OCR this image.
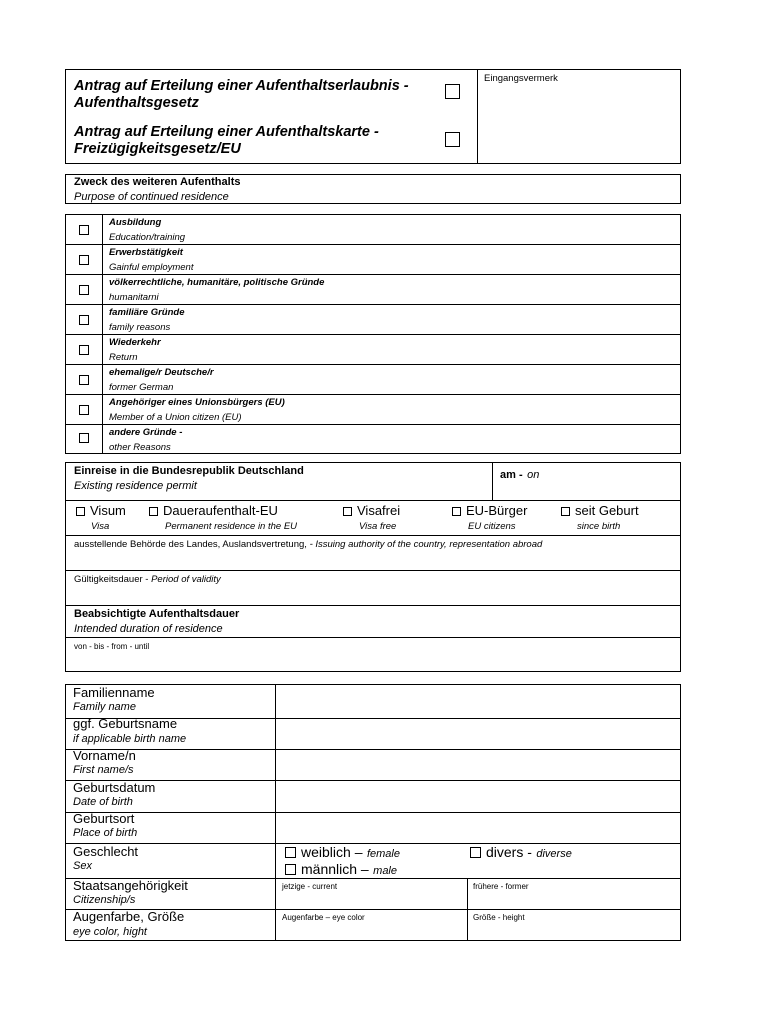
Antrag auf Erteilung einer Aufenthaltserlaubnis - Aufenthaltsgesetz
Antrag auf Erteilung einer Aufenthaltskarte - Freizügigkeitsgesetz/EU
Eingangsvermerk
Zweck des weiteren Aufenthalts
Purpose of continued residence
Ausbildung
Education/training
Erwerbstätigkeit
Gainful employment
völkerrechtliche, humanitäre, politische Gründe
humanitarni
familiäre Gründe
family reasons
Wiederkehr
Return
ehemalige/r Deutsche/r
former German
Angehöriger eines Unionsbürgers (EU)
Member of a Union citizen (EU)
andere Gründe -
other Reasons
Einreise in die Bundesrepublik Deutschland
Existing residence permit
am - on
Visum
Visa
Daueraufenthalt-EU
Permanent residence in the EU
Visafrei
Visa free
EU-Bürger
EU citizens
seit Geburt
since birth
ausstellende Behörde des Landes, Auslandsvertretung, - Issuing authority of the country, representation abroad
Gültigkeitsdauer - Period of validity
Beabsichtigte Aufenthaltsdauer
Intended duration of residence
von - bis - from - until
Familienname
Family name
ggf. Geburtsname
if applicable birth name
Vorname/n
First name/s
Geburtsdatum
Date of birth
Geburtsort
Place of birth
Geschlecht
Sex
weiblich – female
männlich – male
divers - diverse
Staatsangehörigkeit
Citizenship/s
jetzige - current	frühere - former
Augenfarbe, Größe
eye color, hight
Augenfarbe – eye color	Größe - height
